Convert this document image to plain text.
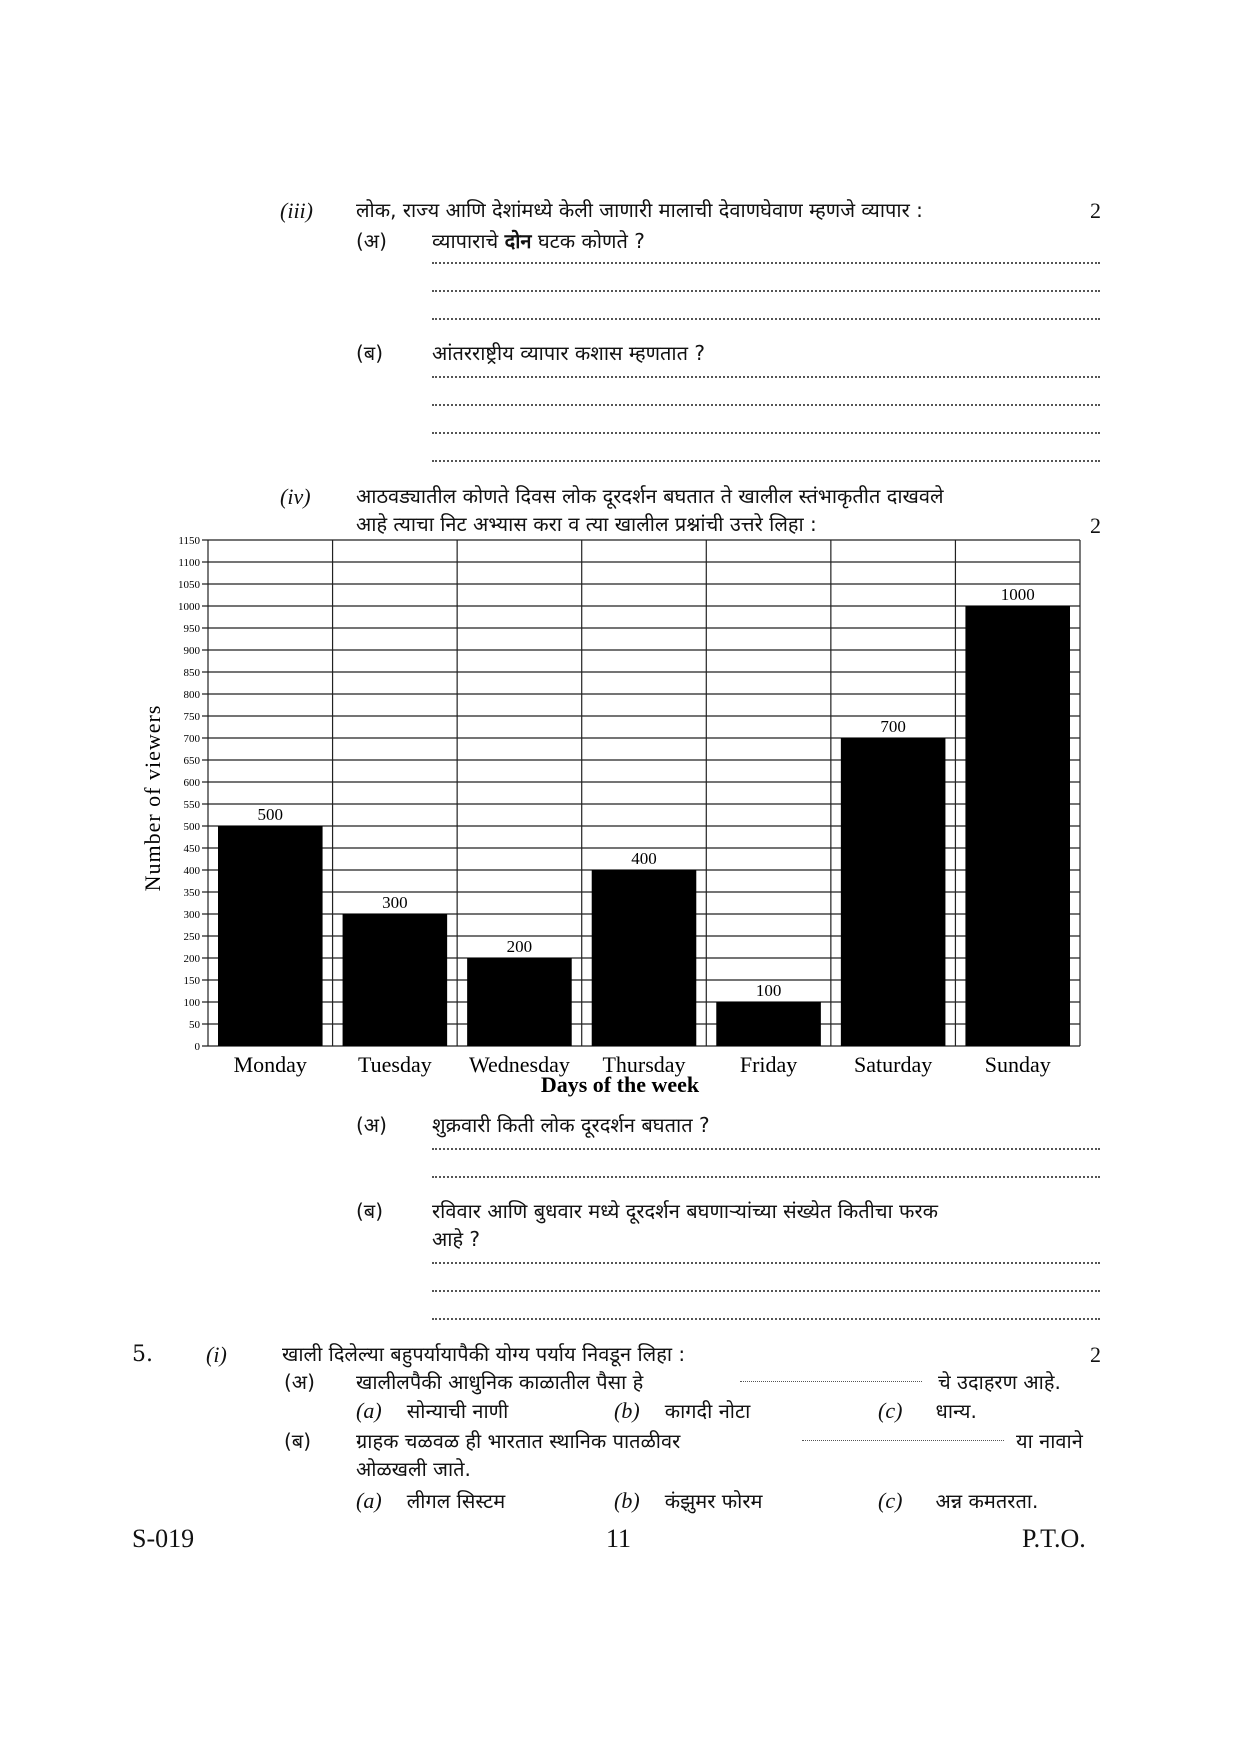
(iii) लोक, राज्य आणि देशांमध्ये केली जाणारी मालाची देवाणघेवाण म्हणजे व्यापार :	2
(अ) व्यापाराचे दोन घटक कोणते ?
(ब) आंतरराष्ट्रीय व्यापार कशास म्हणतात ?
(iv) आठवड्यातील कोणते दिवस लोक दूरदर्शन बघतात ते खालील स्तंभाकृतीत दाखवले
आहे त्याचा निट अभ्यास करा व त्या खालील प्रश्नांची उत्तरे लिहा :	2
0
50
100
150
200
250
300
350
400
450
500
550
600
650
700
750
800
850
900
950
1000
1050
1100
1150
500
300
200
400
100
700
1000
Monday Tuesday Wednesday Thursday Friday	Saturday Sunday
Number of viewers
Days of the week
(अ) शुक्रवारी किती लोक दूरदर्शन बघतात ?
(ब) रविवार आणि बुधवार मध्ये दूरदर्शन बघणाऱ्यांच्या संख्येत कितीचा फरक
आहे ?
5. (i)	खाली दिलेल्या बहुपर्यायापैकी योग्य पर्याय निवडून लिहा :	2
(अ) खालीलपैकी आधुनिक काळातील पैसा हे	चे उदाहरण आहे.
(a) सोन्याची नाणी	(b) कागदी नोटा	(c) धान्य.
(ब) ग्राहक चळवळ ही भारतात स्थानिक पातळीवर	या नावाने
ओळखली जाते.
(a) लीगल सिस्टम	(b) कंझुमर फोरम	(c) अन्न कमतरता.
S-019	11	P.T.O.
